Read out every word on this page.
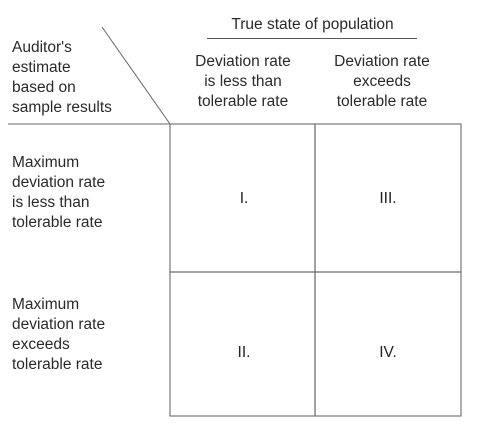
True state of population
Auditor's
estimate
based on
sample results
Deviation rate
is less than
tolerable rate
Deviation rate
exceeds
tolerable rate
Maximum
deviation rate
is less than
tolerable rate
Maximum
deviation rate
exceeds
tolerable rate
I.	III.
II.	IV.
